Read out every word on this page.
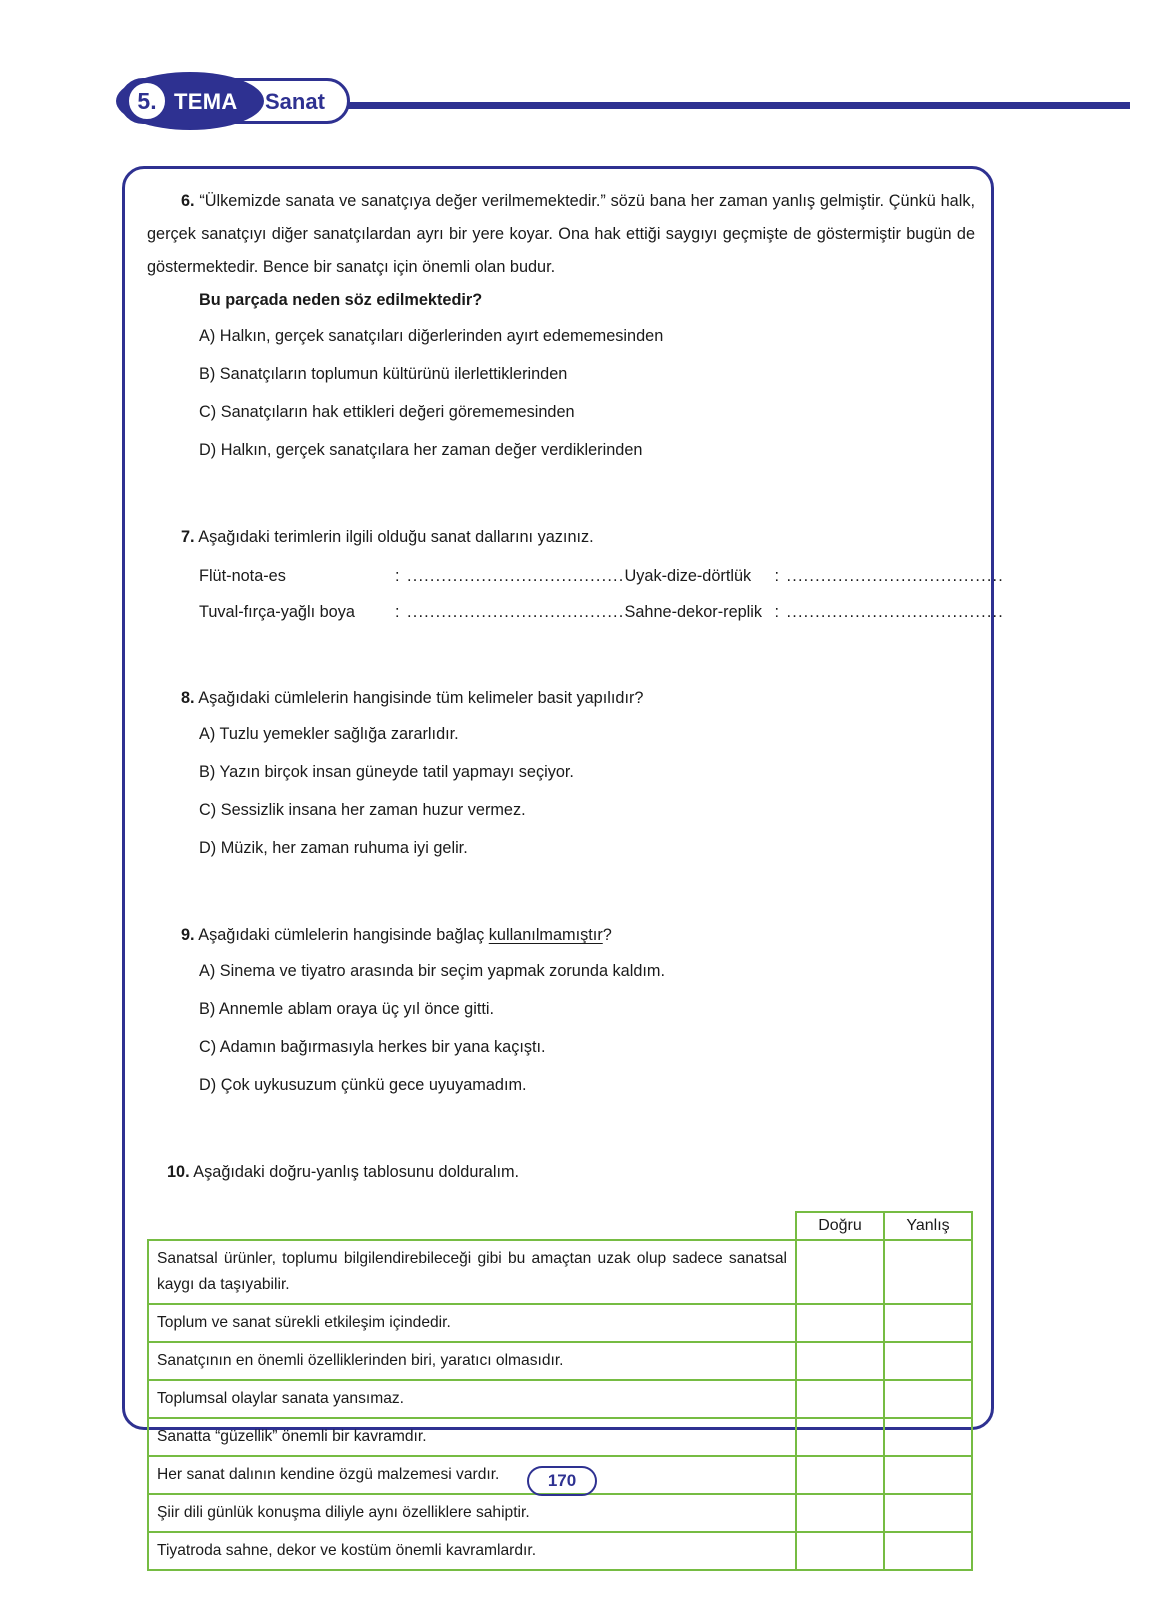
5. TEMA Sanat
6. “Ülkemizde sanata ve sanatçıya değer verilmemektedir.” sözü bana her zaman yanlış gelmiştir. Çünkü halk, gerçek sanatçıyı diğer sanatçılardan ayrı bir yere koyar. Ona hak ettiği saygıyı geçmişte de göstermiştir bugün de göstermektedir. Bence bir sanatçı için önemli olan budur.
Bu parçada neden söz edilmektedir?
A) Halkın, gerçek sanatçıları diğerlerinden ayırt edememesinden
B) Sanatçıların toplumun kültürünü ilerlettiklerinden
C) Sanatçıların hak ettikleri değeri görememesinden
D) Halkın, gerçek sanatçılara her zaman değer verdiklerinden
7. Aşağıdaki terimlerin ilgili olduğu sanat dallarını yazınız.
Flüt-nota-es	: ...................................... Uyak-dize-dörtlük	: ......................................
Tuval-fırça-yağlı boya	: ...................................... Sahne-dekor-replik : ......................................
8. Aşağıdaki cümlelerin hangisinde tüm kelimeler basit yapılıdır?
A) Tuzlu yemekler sağlığa zararlıdır.
B) Yazın birçok insan güneyde tatil yapmayı seçiyor.
C) Sessizlik insana her zaman huzur vermez.
D) Müzik, her zaman ruhuma iyi gelir.
9. Aşağıdaki cümlelerin hangisinde bağlaç kullanılmamıştır?
A) Sinema ve tiyatro arasında bir seçim yapmak zorunda kaldım.
B) Annemle ablam oraya üç yıl önce gitti.
C) Adamın bağırmasıyla herkes bir yana kaçıştı.
D) Çok uykusuzum çünkü gece uyuyamadım.
10. Aşağıdaki doğru-yanlış tablosunu dolduralım.
	Doğru	Yanlış
Sanatsal ürünler, toplumu bilgilendirebileceği gibi bu amaçtan uzak olup sadece sanatsal kaygı da taşıyabilir.		
Toplum ve sanat sürekli etkileşim içindedir.		
Sanatçının en önemli özelliklerinden biri, yaratıcı olmasıdır.		
Toplumsal olaylar sanata yansımaz.		
Sanatta “güzellik” önemli bir kavramdır.		
Her sanat dalının kendine özgü malzemesi vardır.		
Şiir dili günlük konuşma diliyle aynı özelliklere sahiptir.		
Tiyatroda sahne, dekor ve kostüm önemli kavramlardır.		
170
